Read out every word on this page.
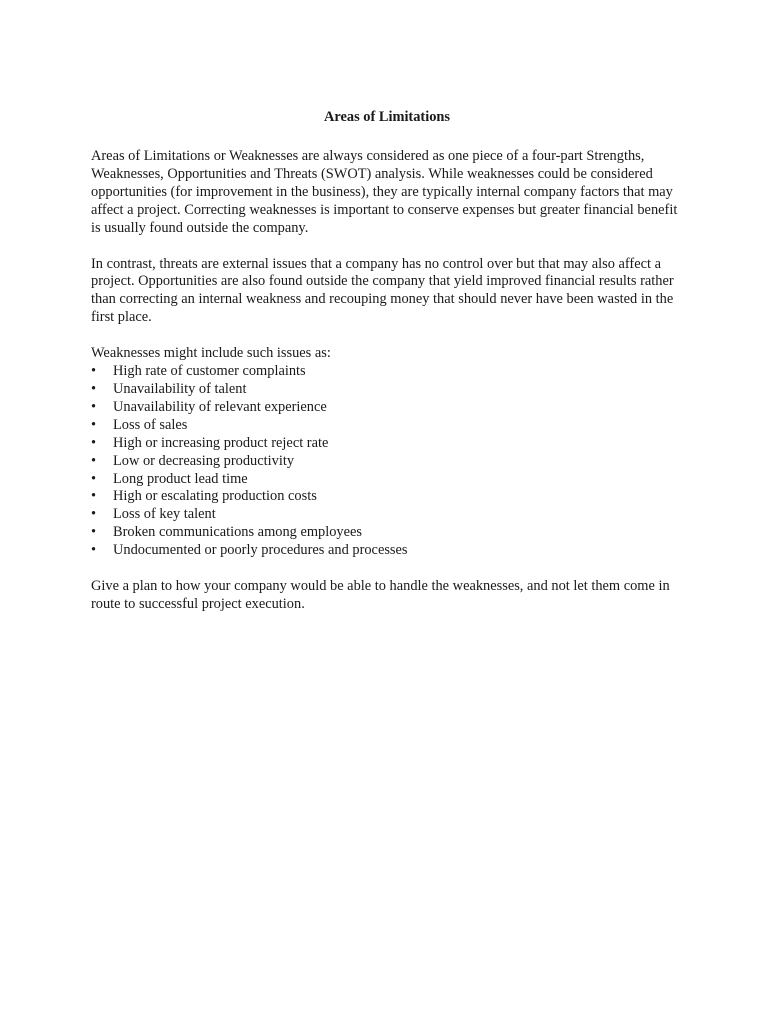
Areas of Limitations

Areas of Limitations or Weaknesses are always considered as one piece of a four-part Strengths, Weaknesses, Opportunities and Threats (SWOT) analysis. While weaknesses could be considered opportunities (for improvement in the business), they are typically internal company factors that may affect a project. Correcting weaknesses is important to conserve expenses but greater financial benefit is usually found outside the company.

In contrast, threats are external issues that a company has no control over but that may also affect a project. Opportunities are also found outside the company that yield improved financial results rather than correcting an internal weakness and recouping money that should never have been wasted in the first place.

Weaknesses might include such issues as:

•	High rate of customer complaints
•	Unavailability of talent
•	Unavailability of relevant experience
•	Loss of sales
•	High or increasing product reject rate
•	Low or decreasing productivity
•	Long product lead time
•	High or escalating production costs
•	Loss of key talent
•	Broken communications among employees
•	Undocumented or poorly procedures and processes

Give a plan to how your company would be able to handle the weaknesses, and not let them come in route to successful project execution.
